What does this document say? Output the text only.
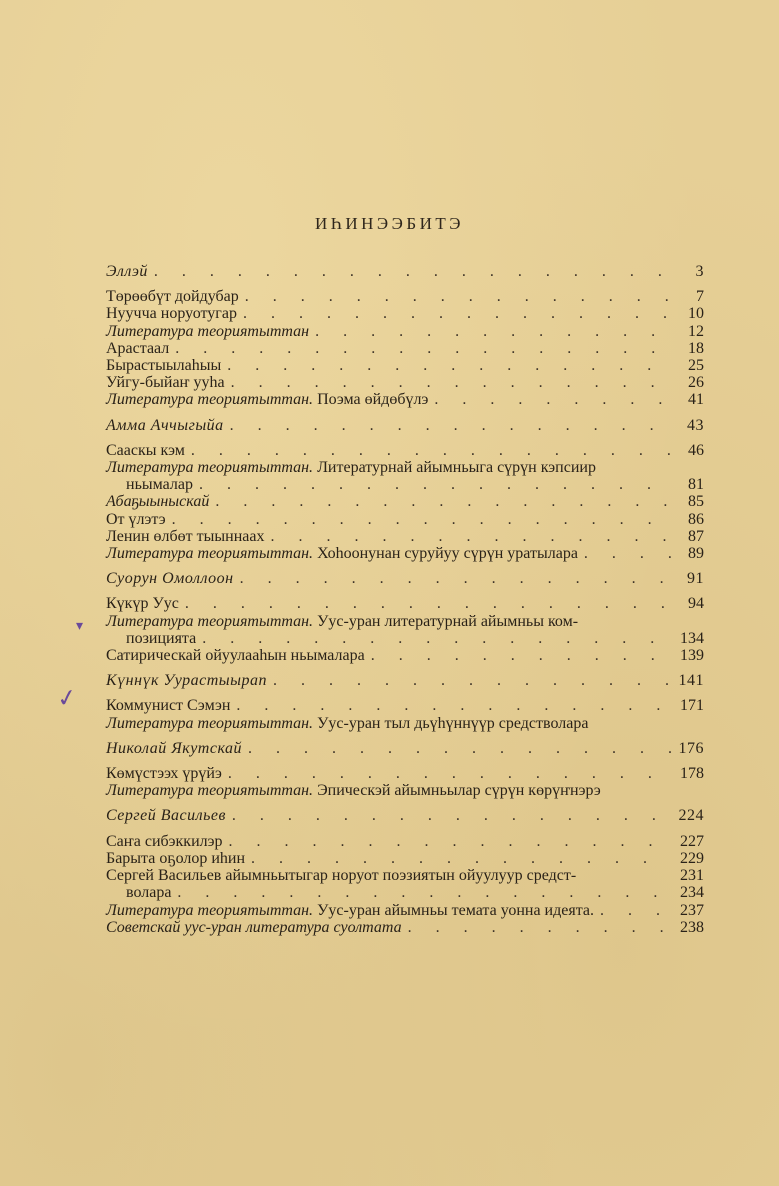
ИҺИНЭЭБИТЭ
Эллэй . . .	3
Төрөөбүт дойдубар . . .	7
Нуучча норуотугар . . .	10
Литература теориятыттан . . .	12
Арастаал . . .	18
Бырастыылаһыы . . .	25
Уйгу-быйаҥ ууһа . . .	26
Литература теориятыттан. Поэма өйдөбүлэ . . .	41
Амма Аччыгыйа . . .	43
Сааскы кэм . . .	46
Литература теориятыттан. Литературнай айымньыга сүрүн кэпсиир
ньымалар . . .	81
Абаҕыыныскай . . .	85
От үлэтэ . . .	86
Ленин өлбөт тыыннаах . . .	87
Литература теориятыттан. Хоһоонунан суруйуу сүрүн уратылара . . .	89
Суорун Омоллоон . . .	91
Күкүр Уус . . .	94
Литература теориятыттан. Уус-уран литературнай айымньы ком-
позицията . . .	134
Сатирическай ойуулааһын ньымалара . . .	139
Күннүк Уурастыырап . . .	141
Коммунист Сэмэн . . .	171
Литература теориятыттан. Уус-уран тыл дьүһүннүүр средстволара
Николай Якутскай . . .	176
Көмүстээх үрүйэ . . .	178
Литература теориятыттан. Эпическэй айымньылар сүрүн көрүҥнэрэ
Сергей Васильев . . .	224
Саҥа сибэккилэр . . .	227
Барыта оҕолор иһин . . .	229
Сергей Васильев айымньытыгар норуот поэзиятын ойуулуур средст-	231
волара . . .	234
Литература теориятыттан. Уус-уран айымньы темата уонна идеята. . . .	237
Советскай уус-уран литература суолтата . . .	238
▾
✓
